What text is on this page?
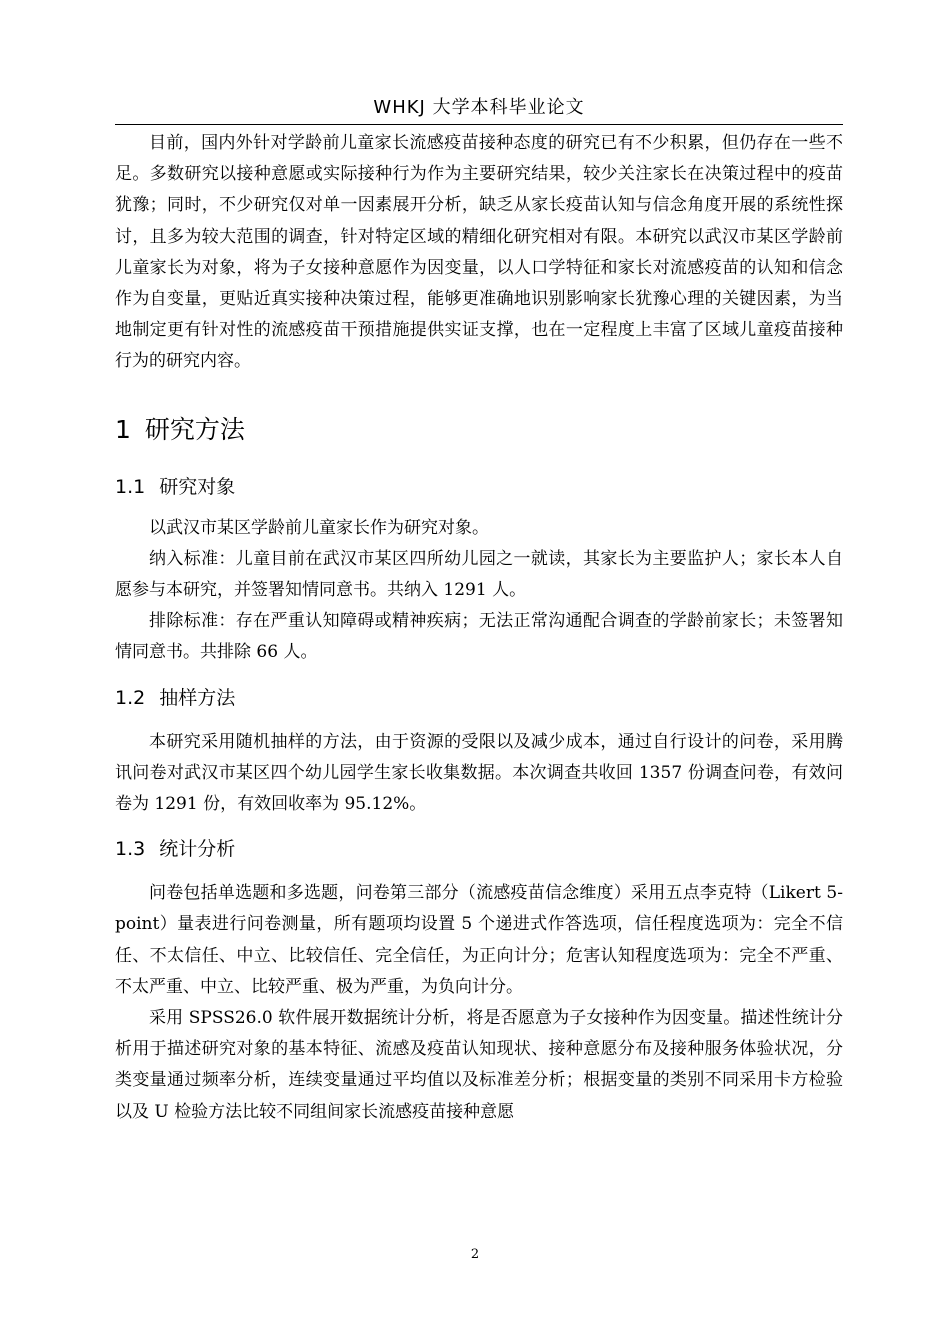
WHKJ 大学本科毕业论文

目前，国内外针对学龄前儿童家长流感疫苗接种态度的研究已有不少积累，但仍存在一些不足。多数研究以接种意愿或实际接种行为作为主要研究结果，较少关注家长在决策过程中的疫苗犹豫；同时，不少研究仅对单一因素展开分析，缺乏从家长疫苗认知与信念角度开展的系统性探讨，且多为较大范围的调查，针对特定区域的精细化研究相对有限。本研究以武汉市某区学龄前儿童家长为对象，将为子女接种意愿作为因变量，以人口学特征和家长对流感疫苗的认知和信念作为自变量，更贴近真实接种决策过程，能够更准确地识别影响家长犹豫心理的关键因素，为当地制定更有针对性的流感疫苗干预措施提供实证支撑，也在一定程度上丰富了区域儿童疫苗接种行为的研究内容。

1 研究方法
1.1 研究对象

以武汉市某区学龄前儿童家长作为研究对象。

纳入标准：儿童目前在武汉市某区四所幼儿园之一就读，其家长为主要监护人；家长本人自愿参与本研究，并签署知情同意书。共纳入 1291 人。

排除标准：存在严重认知障碍或精神疾病；无法正常沟通配合调查的学龄前家长；未签署知情同意书。共排除 66 人。

1.2 抽样方法

本研究采用随机抽样的方法，由于资源的受限以及减少成本，通过自行设计的问卷，采用腾讯问卷对武汉市某区四个幼儿园学生家长收集数据。本次调查共收回 1357 份调查问卷，有效问卷为 1291 份，有效回收率为 95.12%。

1.3 统计分析

问卷包括单选题和多选题，问卷第三部分（流感疫苗信念维度）采用五点李克特（Likert 5-point）量表进行问卷测量，所有题项均设置 5 个递进式作答选项，信任程度选项为：完全不信任、不太信任、中立、比较信任、完全信任，为正向计分；危害认知程度选项为：完全不严重、不太严重、中立、比较严重、极为严重，为负向计分。

采用 SPSS26.0 软件展开数据统计分析，将是否愿意为子女接种作为因变量。描述性统计分析用于描述研究对象的基本特征、流感及疫苗认知现状、接种意愿分布及接种服务体验状况，分类变量通过频率分析，连续变量通过平均值以及标准差分析；根据变量的类别不同采用卡方检验以及 U 检验方法比较不同组间家长流感疫苗接种意愿

2
